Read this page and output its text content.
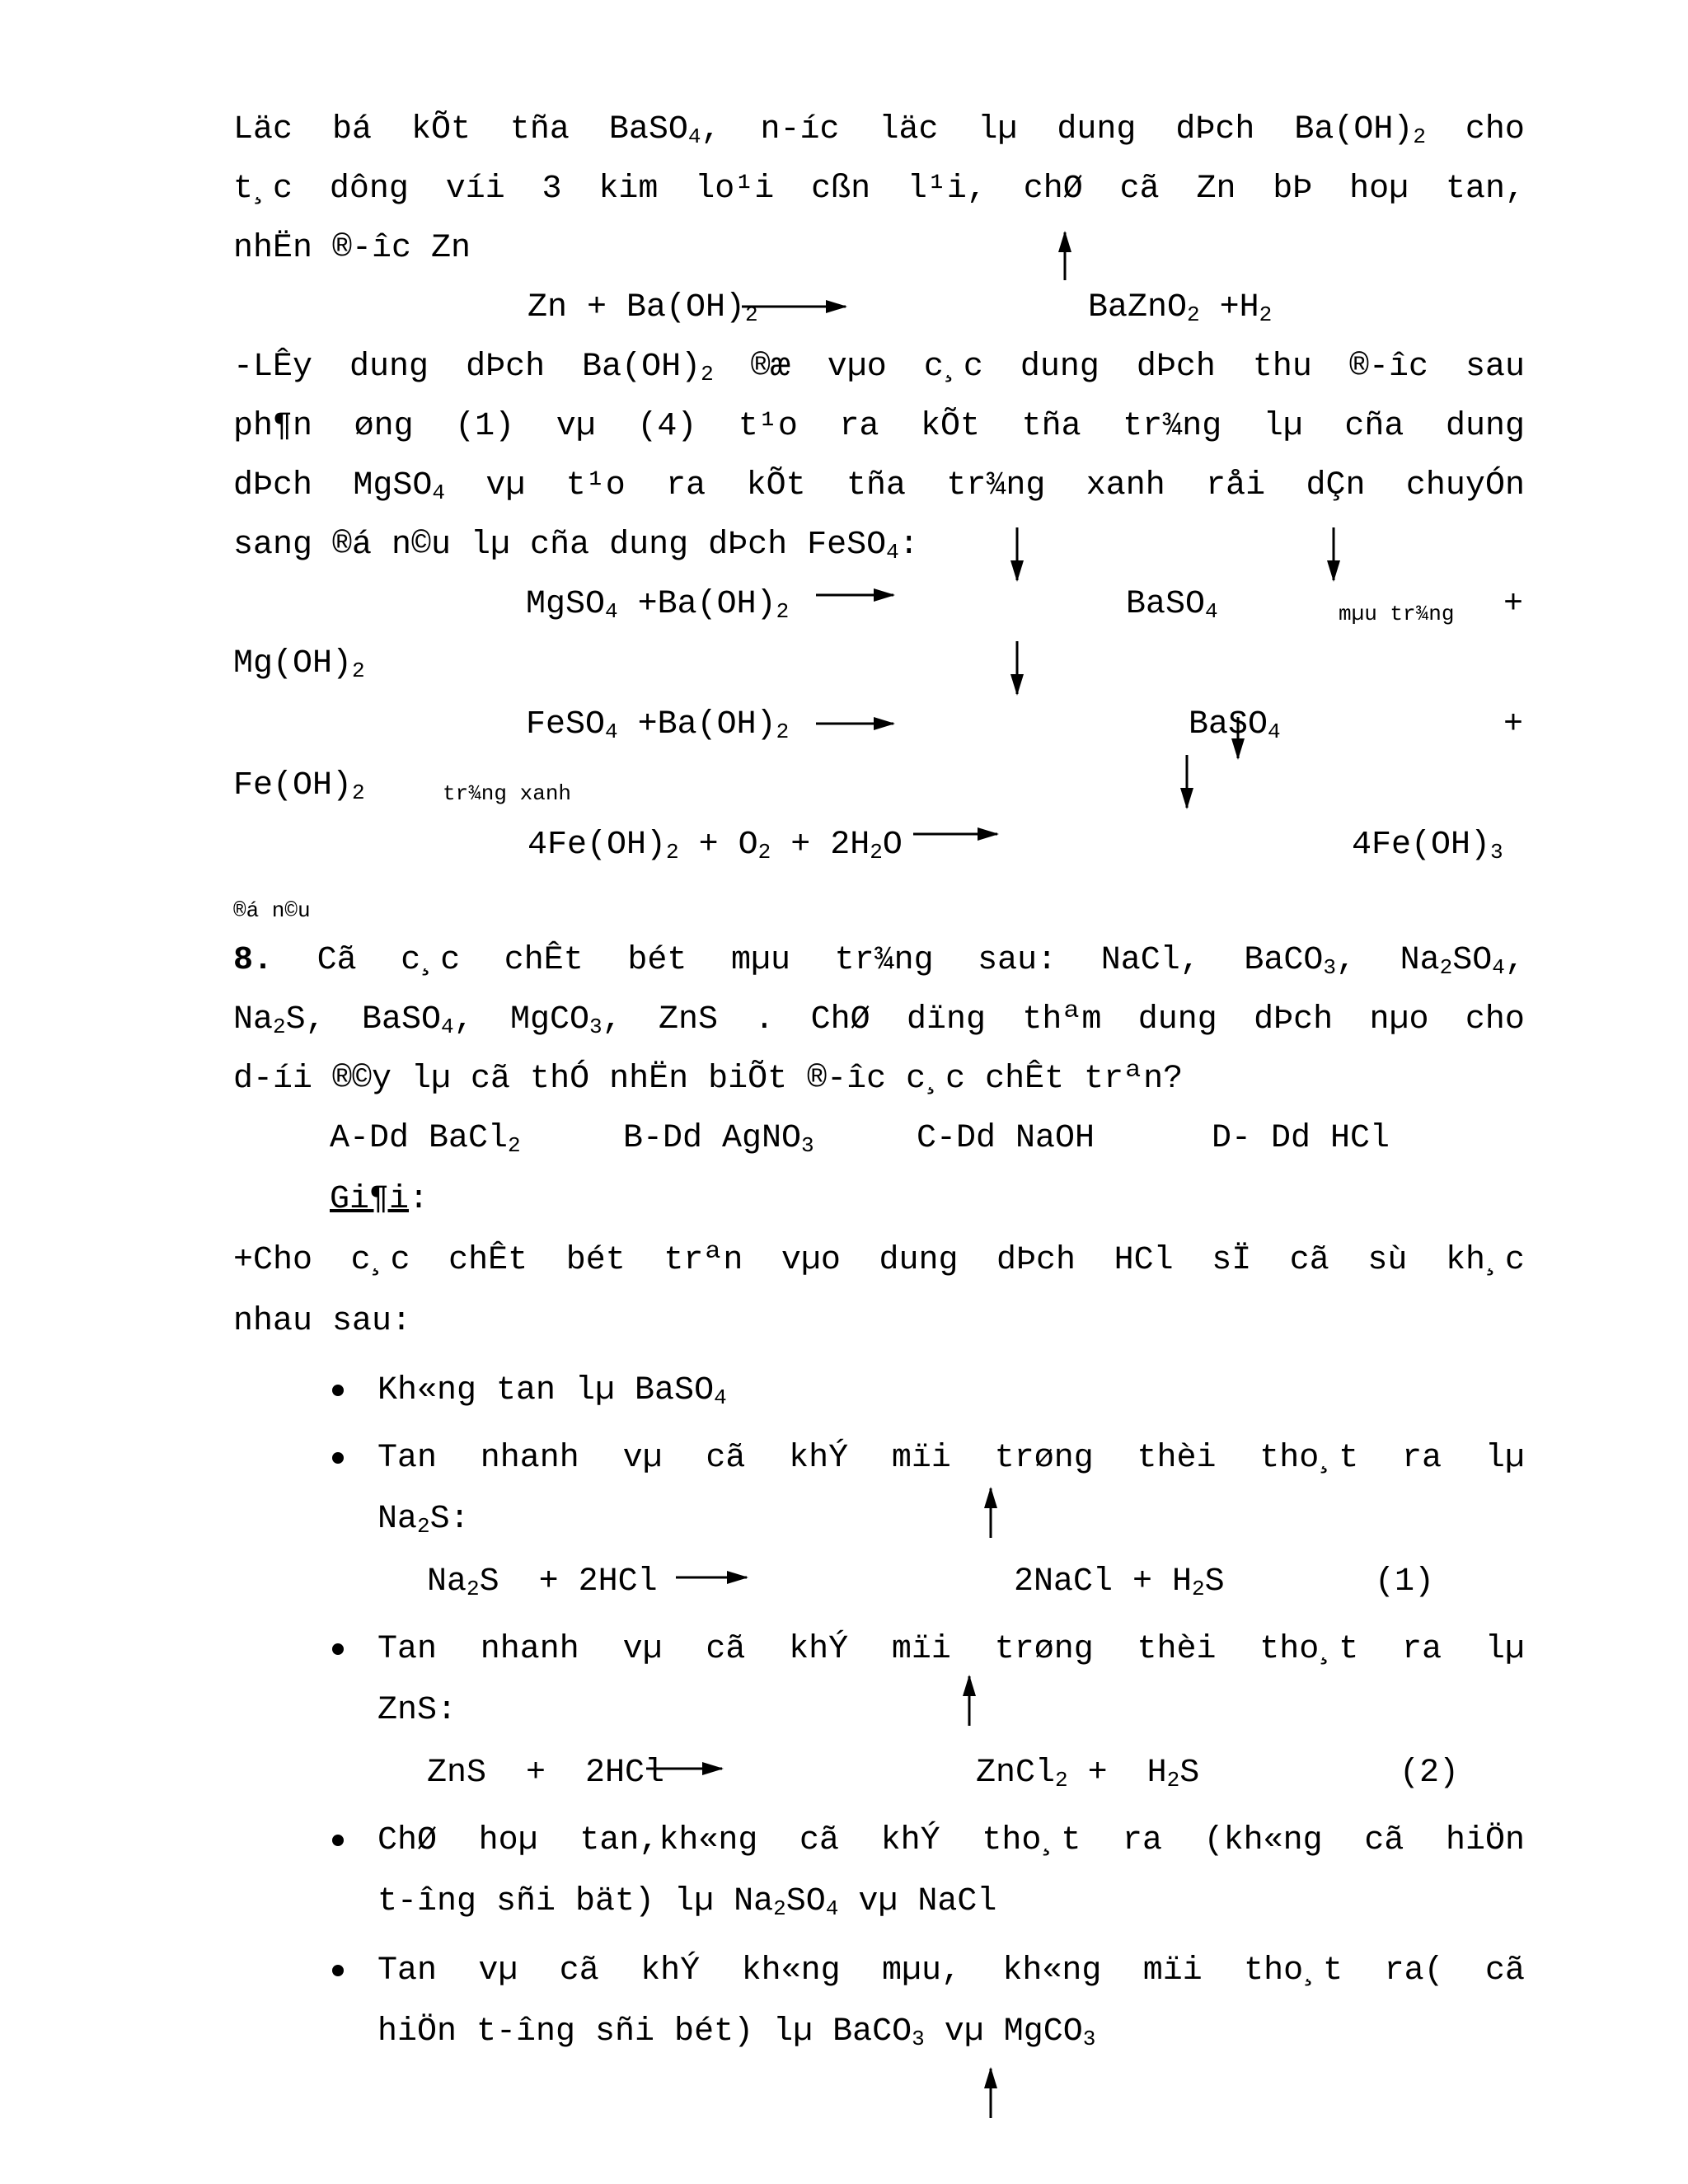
Läc bá kÕt tña BaSO$_4$, n-íc läc lµ dung dÞch $Ba(OH)_2$ cho
t¸c dông víi 3 kim lo¹i cßn l¹i, chØ cã Zn bÞ hoµ tan,
nhËn ®-îc Zn
$Zn + Ba(OH)_2$	BaZnO$_2$ $+H_2$
-LÊy dung dÞch $Ba(OH)_2$ ®æ vµo c¸c dung dÞch thu ®-îc sau
ph¶n øng (1) vµ (4) t¹o ra kÕt tña tr¾ng lµ cña dung
dÞch MgSO$_4$ vµ t¹o ra kÕt tña tr¾ng xanh råi dÇn chuyÓn
sang ®á n©u lµ cña dung dÞch FeSO$_4$:
MgSO$_4$ $+Ba(OH)_2$	BaSO$_4$	mµu tr¾ng +
$Mg(OH)_2$
FeSO$_4$ $+Ba(OH)_2$	BaSO$_4$	+
$Fe(OH)_2$	tr¾ng xanh
$4Fe(OH)_2 + O_2 + 2H_2O$	$4Fe(OH)_3$
®á n©u
8. Cã c¸c chÊt bét mµu tr¾ng sau: NaCl, BaCO$_3$, $Na_2SO_4$,
$Na_2S$, BaSO$_4$, MgCO$_3$, ZnS . ChØ dïng thªm dung dÞch nµo cho
d-íi ®©y lµ cã thÓ nhËn biÕt ®-îc c¸c chÊt trªn?
A-Dd BaCl$_2$	B-Dd AgNO$_3$	C-Dd NaOH	D- Dd HCl
Gi¶i:
+Cho c¸c chÊt bét trªn vµo dung dÞch HCl sÏ cã sù kh¸c
nhau sau:
Kh«ng tan lµ BaSO$_4$
Tan nhanh vµ cã khÝ mïi trøng thèi tho¸t ra lµ
$Na_2S$:
$Na_2S + 2HCl$	2NaCl + $H_2S$	(1)
Tan nhanh vµ cã khÝ mïi trøng thèi tho¸t ra lµ
ZnS:
ZnS  +  2HCl	ZnCl$_2$ +  $H_2S$	(2)
ChØ hoµ tan,kh«ng cã khÝ tho¸t ra (kh«ng cã hiÖn
t-îng sñi bät) lµ $Na_2SO_4$ vµ NaCl
Tan vµ cã khÝ kh«ng mµu, kh«ng mïi tho¸t ra( cã
hiÖn t-îng sñi bét) lµ BaCO$_3$ vµ MgCO$_3$
